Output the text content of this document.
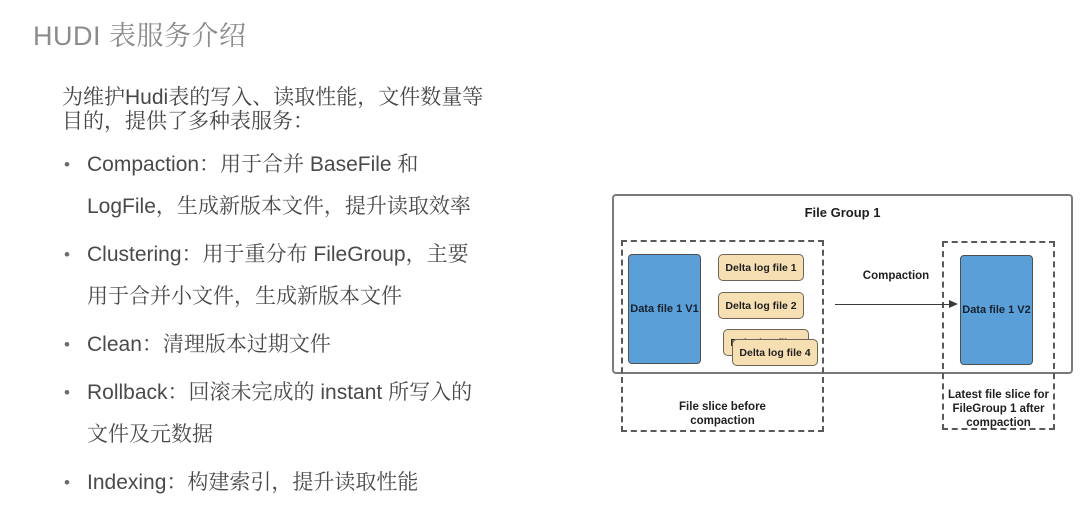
HUDI 表服务介绍
为维护Hudi表的写入、读取性能，文件数量等
目的，提供了多种表服务：
• Compaction：用于合并 BaseFile 和
LogFile，生成新版本文件，提升读取效率
• Clustering：用于重分布 FileGroup，主要
用于合并小文件，生成新版本文件
• Clean：清理版本过期文件
• Rollback：回滚未完成的 instant 所写入的
文件及元数据
• Indexing：构建索引，提升读取性能
File Group 1
Data file 1 V1
Delta log file 1
Delta log file 2
Delta log file 4
Compaction
Data file 1 V2
File slice before
compaction
Latest file slice for
FileGroup 1 after
compaction
